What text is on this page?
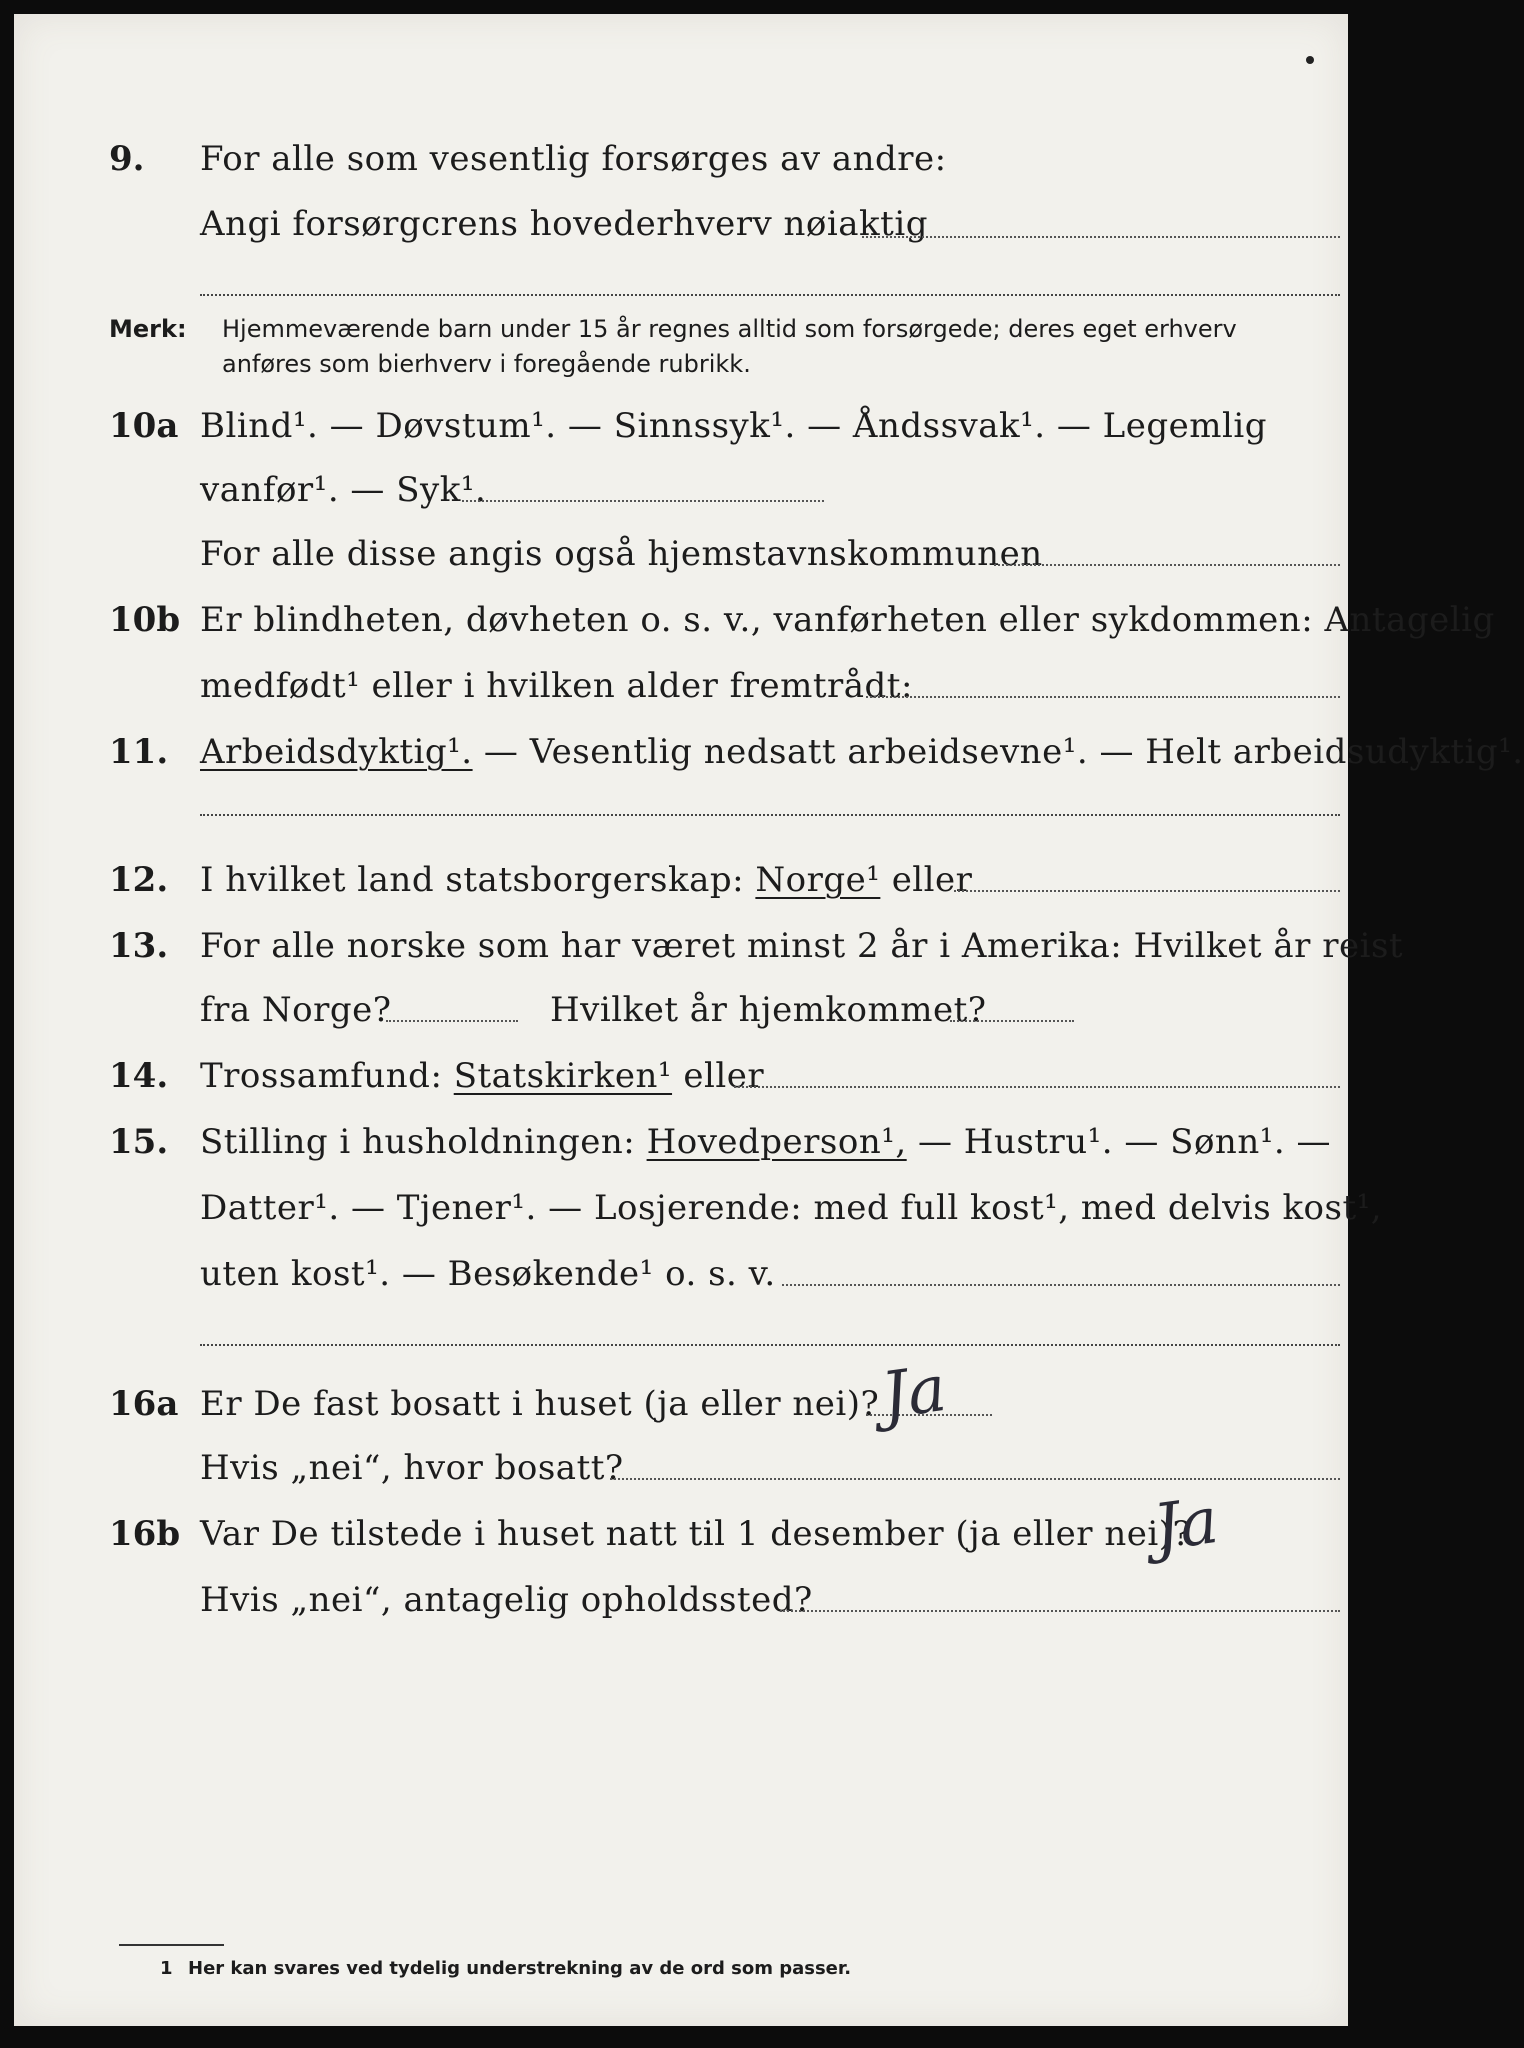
9. For alle som vesentlig forsørges av andre:
Angi forsørgcrens hovederhverv nøiaktig
Merk: Hjemmeværende barn under 15 år regnes alltid som forsørgede; deres eget erhverv
anføres som bierhverv i foregående rubrikk.
10a Blind¹. — Døvstum¹. — Sinnssyk¹. — Åndssvak¹. — Legemlig
vanfør¹. — Syk¹.
For alle disse angis også hjemstavnskommunen
10b Er blindheten, døvheten o. s. v., vanførheten eller sykdommen: Antagelig
medfødt¹ eller i hvilken alder fremtrådt:
11. Arbeidsdyktig¹. — Vesentlig nedsatt arbeidsevne¹. — Helt arbeidsudyktig¹.
12. I hvilket land statsborgerskap: Norge¹ eller
13. For alle norske som har været minst 2 år i Amerika: Hvilket år reist
fra Norge?	Hvilket år hjemkommet?
14. Trossamfund: Statskirken¹ eller
15. Stilling i husholdningen: Hovedperson¹, — Hustru¹. — Sønn¹. —
Datter¹. — Tjener¹. — Losjerende: med full kost¹, med delvis kost¹,
uten kost¹. — Besøkende¹ o. s. v.
16a Er De fast bosatt i huset (ja eller nei)?
Ja
Hvis „nei“, hvor bosatt?
16b Var De tilstede i huset natt til 1 desember (ja eller nei)?
Ja
Hvis „nei“, antagelig opholdssted?
1 Her kan svares ved tydelig understrekning av de ord som passer.
